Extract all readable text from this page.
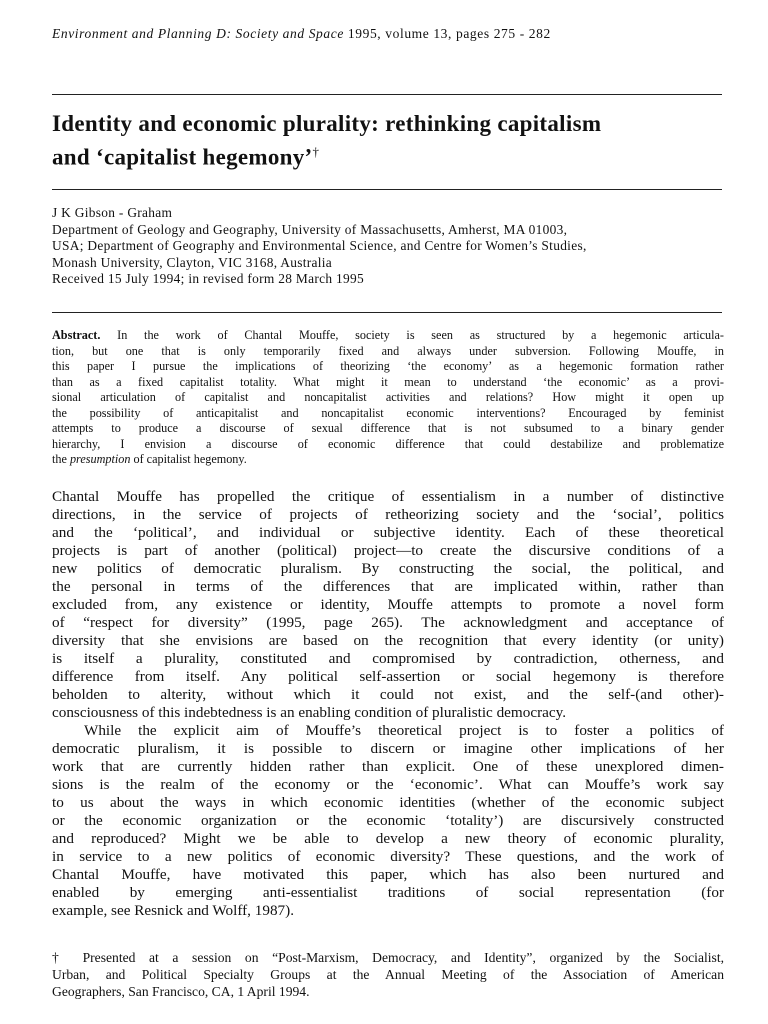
Environment and Planning D: Society and Space 1995, volume 13, pages 275 - 282
Identity and economic plurality: rethinking capitalism
and ‘capitalist hegemony’†
J K Gibson - Graham
Department of Geology and Geography, University of Massachusetts, Amherst, MA 01003,
USA; Department of Geography and Environmental Science, and Centre for Women’s Studies,
Monash University, Clayton, VIC 3168, Australia
Received 15 July 1994; in revised form 28 March 1995
Abstract. In the work of Chantal Mouffe, society is seen as structured by a hegemonic articula-
tion, but one that is only temporarily fixed and always under subversion. Following Mouffe, in
this paper I pursue the implications of theorizing ‘the economy’ as a hegemonic formation rather
than as a fixed capitalist totality. What might it mean to understand ‘the economic’ as a provi-
sional articulation of capitalist and noncapitalist activities and relations? How might it open up
the possibility of anticapitalist and noncapitalist economic interventions? Encouraged by feminist
attempts to produce a discourse of sexual difference that is not subsumed to a binary gender
hierarchy, I envision a discourse of economic difference that could destabilize and problematize
the presumption of capitalist hegemony.
Chantal Mouffe has propelled the critique of essentialism in a number of distinctive
directions, in the service of projects of retheorizing society and the ‘social’, politics
and the ‘political’, and individual or subjective identity. Each of these theoretical
projects is part of another (political) project—to create the discursive conditions of a
new politics of democratic pluralism. By constructing the social, the political, and
the personal in terms of the differences that are implicated within, rather than
excluded from, any existence or identity, Mouffe attempts to promote a novel form
of “respect for diversity” (1995, page 265). The acknowledgment and acceptance of
diversity that she envisions are based on the recognition that every identity (or unity)
is itself a plurality, constituted and compromised by contradiction, otherness, and
difference from itself. Any political self-assertion or social hegemony is therefore
beholden to alterity, without which it could not exist, and the self-(and other)-
consciousness of this indebtedness is an enabling condition of pluralistic democracy.
While the explicit aim of Mouffe’s theoretical project is to foster a politics of
democratic pluralism, it is possible to discern or imagine other implications of her
work that are currently hidden rather than explicit. One of these unexplored dimen-
sions is the realm of the economy or the ‘economic’. What can Mouffe’s work say
to us about the ways in which economic identities (whether of the economic subject
or the economic organization or the economic ‘totality’) are discursively constructed
and reproduced? Might we be able to develop a new theory of economic plurality,
in service to a new politics of economic diversity? These questions, and the work of
Chantal Mouffe, have motivated this paper, which has also been nurtured and
enabled by emerging anti-essentialist traditions of social representation (for
example, see Resnick and Wolff, 1987).
† Presented at a session on “Post-Marxism, Democracy, and Identity”, organized by the Socialist,
Urban, and Political Specialty Groups at the Annual Meeting of the Association of American
Geographers, San Francisco, CA, 1 April 1994.
